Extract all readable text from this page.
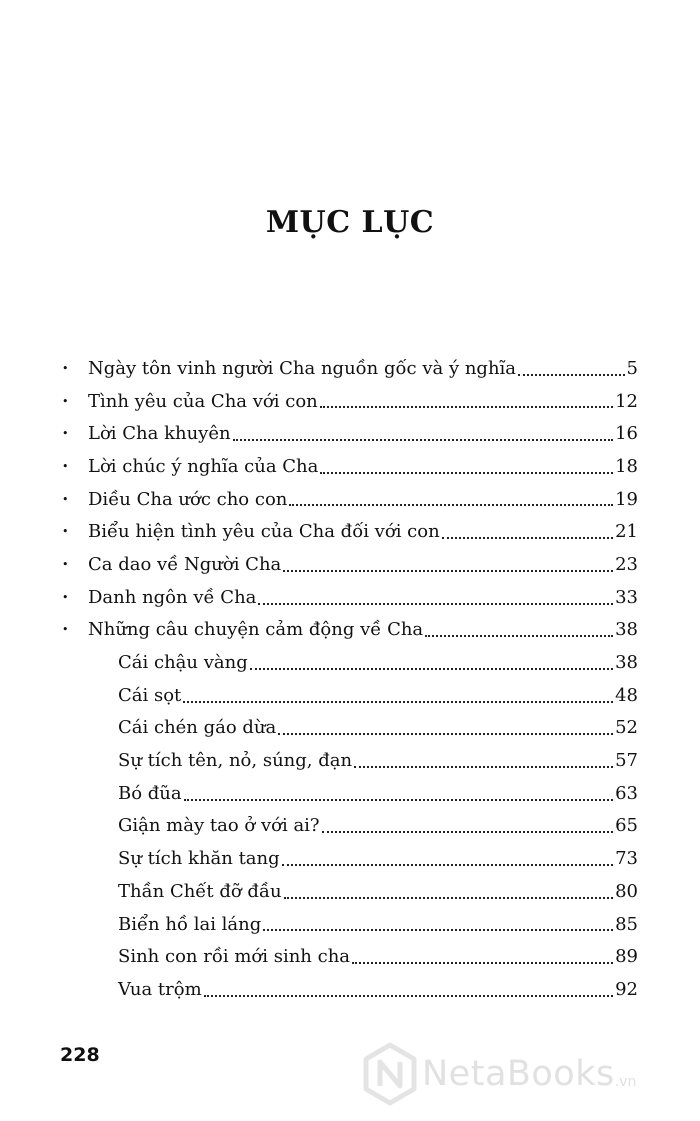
MỤC LỤC
•	Ngày tôn vinh người Cha nguồn gốc và ý nghĩa	5
•	Tình yêu của Cha với con	12
•	Lời Cha khuyên	16
•	Lời chúc ý nghĩa của Cha	18
•	Diều Cha ước cho con	19
•	Biểu hiện tình yêu của Cha đối với con	21
•	Ca dao về Người Cha	23
•	Danh ngôn về Cha	33
•	Những câu chuyện cảm động về Cha	38
Cái chậu vàng	38
Cái sọt	48
Cái chén gáo dừa	52
Sự tích tên, nỏ, súng, đạn	57
Bó đũa	63
Giận mày tao ở với ai?	65
Sự tích khăn tang	73
Thần Chết đỡ đầu	80
Biển hồ lai láng	85
Sinh con rồi mới sinh cha	89
Vua trộm	92
228	NetaBooks .vn
